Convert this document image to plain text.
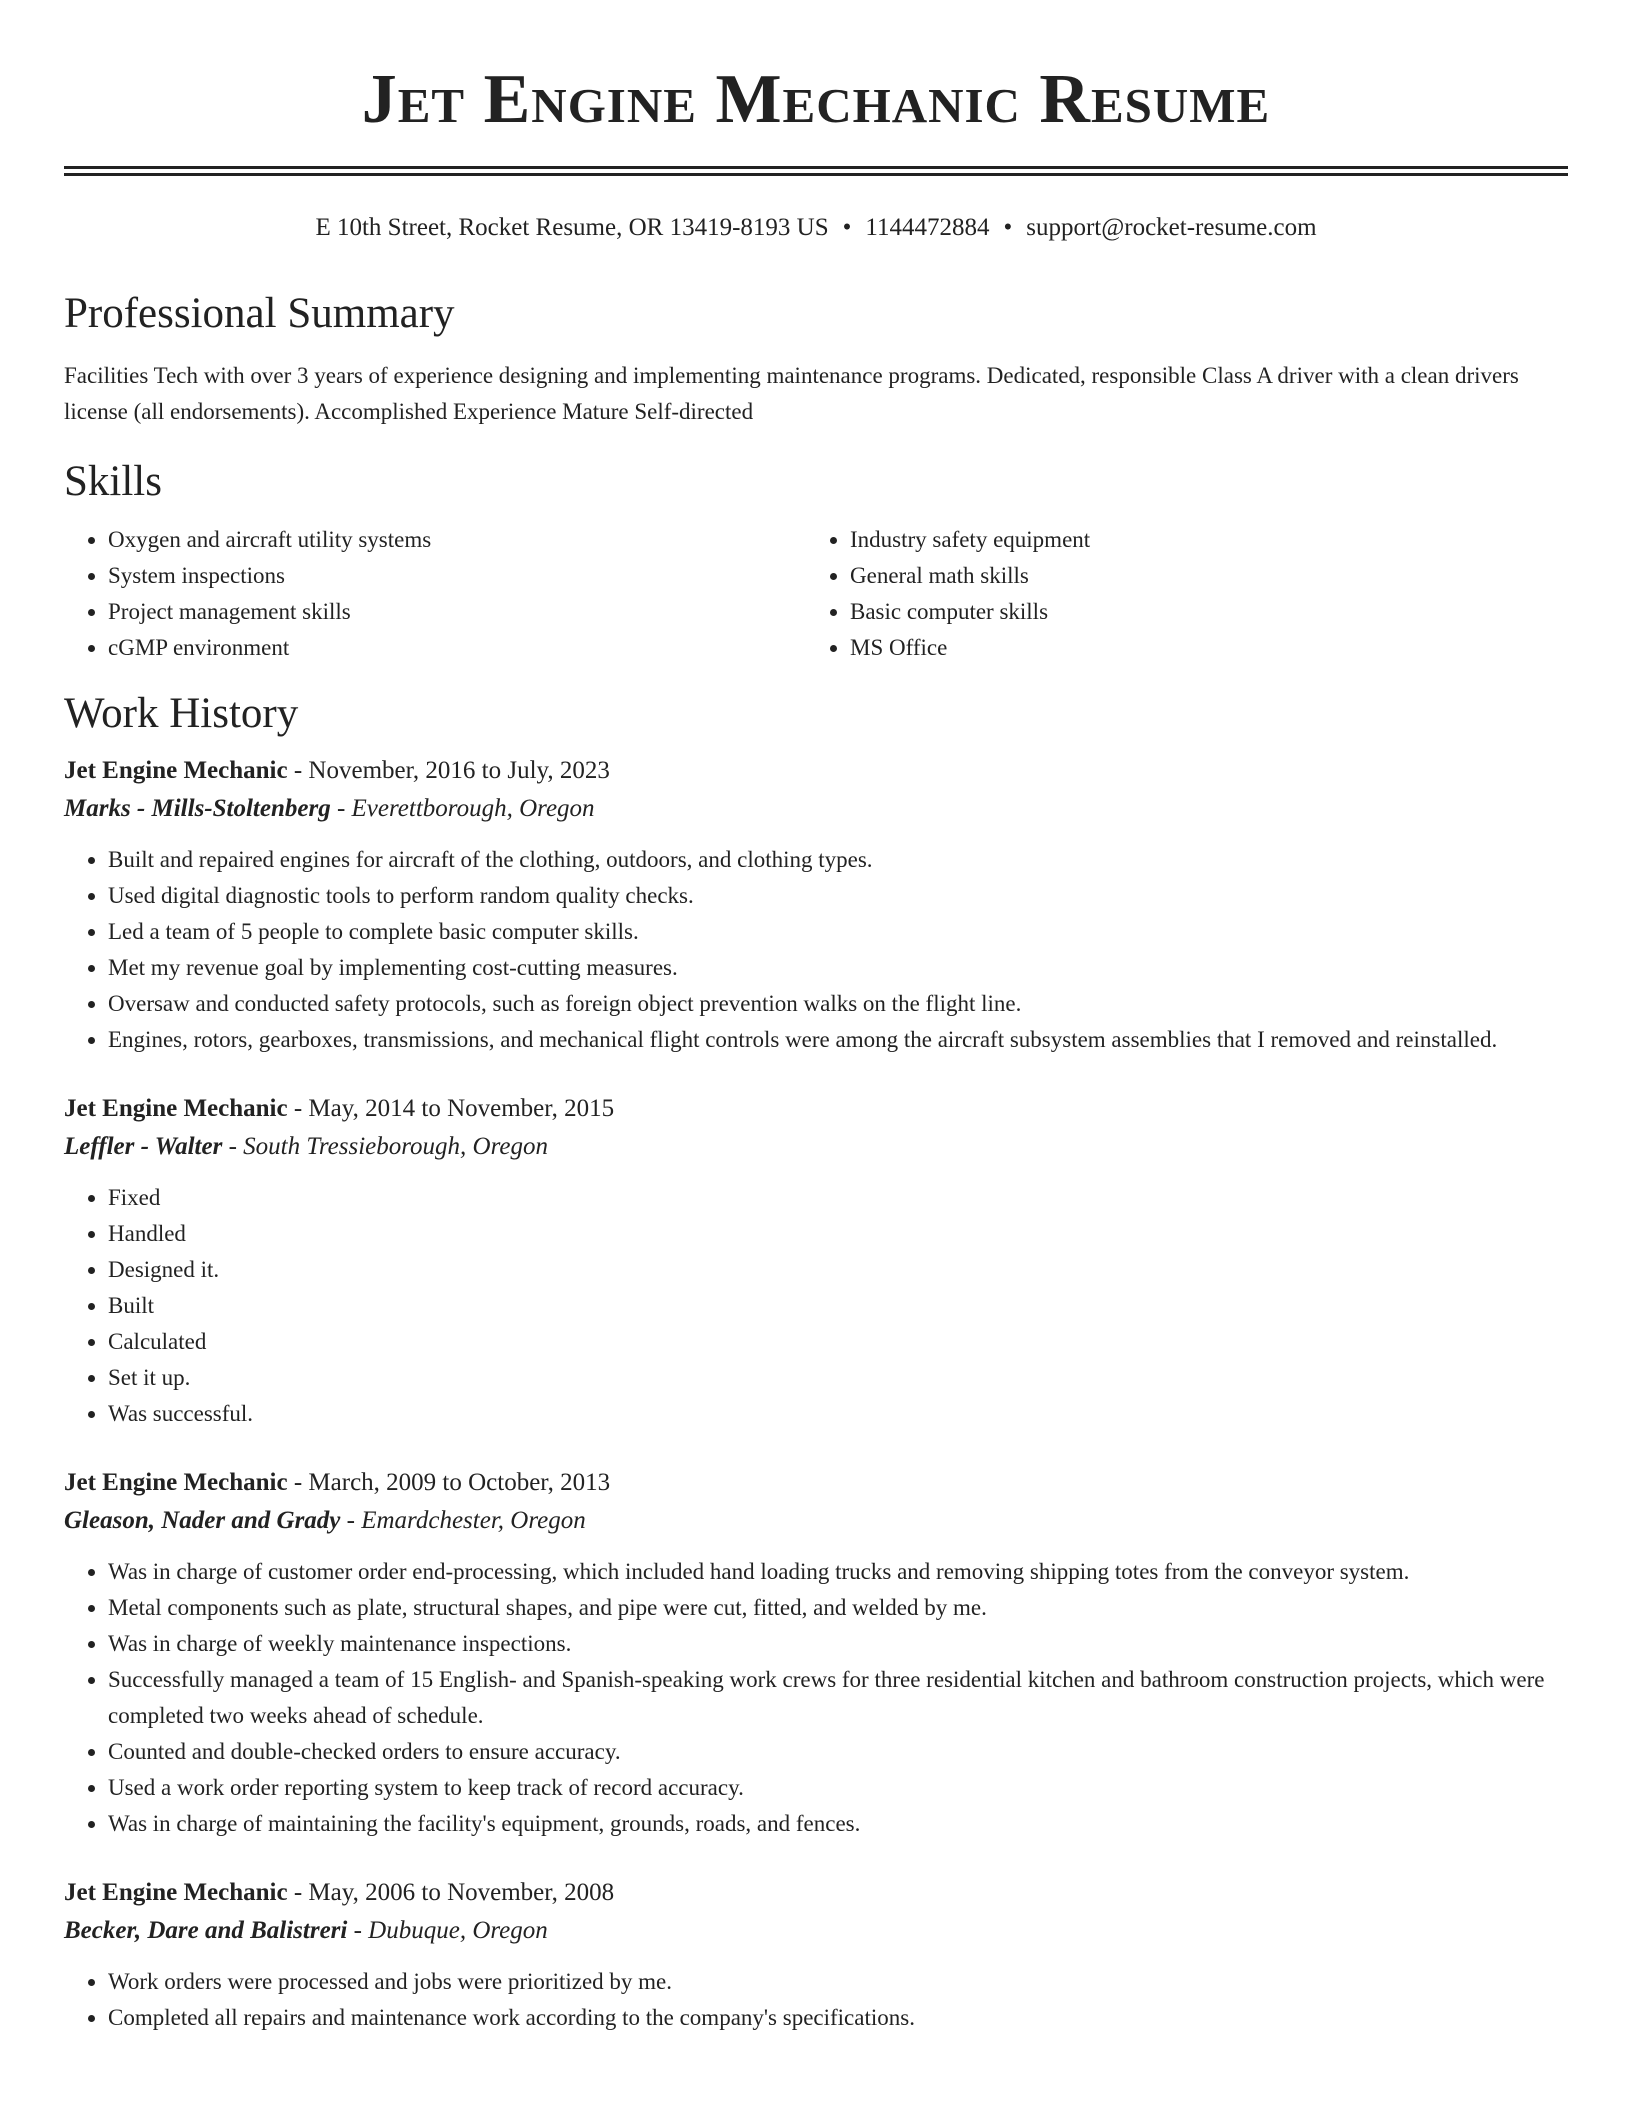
Jet Engine Mechanic Resume
E 10th Street, Rocket Resume, OR 13419-8193 US • 1144472884 • support@rocket-resume.com
Professional Summary

Facilities Tech with over 3 years of experience designing and implementing maintenance programs. Dedicated, responsible Class A driver with a clean drivers license (all endorsements). Accomplished Experience Mature Self-directed

Skills
• Oxygen and aircraft utility systems
• System inspections
• Project management skills
• cGMP environment
• Industry safety equipment
• General math skills
• Basic computer skills
• MS Office
Work History
Jet Engine Mechanic - November, 2016 to July, 2023
Marks - Mills-Stoltenberg - Everettborough, Oregon
• Built and repaired engines for aircraft of the clothing, outdoors, and clothing types.
• Used digital diagnostic tools to perform random quality checks.
• Led a team of 5 people to complete basic computer skills.
• Met my revenue goal by implementing cost-cutting measures.
• Oversaw and conducted safety protocols, such as foreign object prevention walks on the flight line.
• Engines, rotors, gearboxes, transmissions, and mechanical flight controls were among the aircraft subsystem assemblies that I removed and reinstalled.
Jet Engine Mechanic - May, 2014 to November, 2015
Leffler - Walter - South Tressieborough, Oregon
• Fixed
• Handled
• Designed it.
• Built
• Calculated
• Set it up.
• Was successful.
Jet Engine Mechanic - March, 2009 to October, 2013
Gleason, Nader and Grady - Emardchester, Oregon
• Was in charge of customer order end-processing, which included hand loading trucks and removing shipping totes from the conveyor system.
• Metal components such as plate, structural shapes, and pipe were cut, fitted, and welded by me.
• Was in charge of weekly maintenance inspections.
• Successfully managed a team of 15 English- and Spanish-speaking work crews for three residential kitchen and bathroom construction projects, which were completed two weeks ahead of schedule.
• Counted and double-checked orders to ensure accuracy.
• Used a work order reporting system to keep track of record accuracy.
• Was in charge of maintaining the facility's equipment, grounds, roads, and fences.
Jet Engine Mechanic - May, 2006 to November, 2008
Becker, Dare and Balistreri - Dubuque, Oregon
• Work orders were processed and jobs were prioritized by me.
• Completed all repairs and maintenance work according to the company's specifications.
